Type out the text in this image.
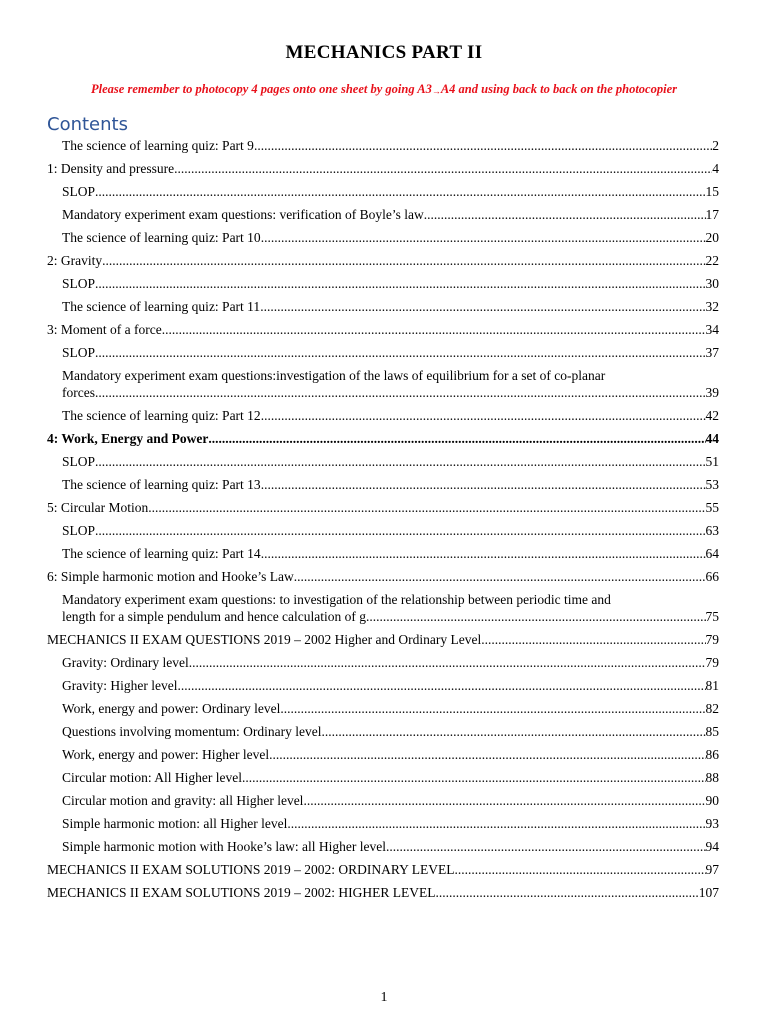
MECHANICS PART II
Please remember to photocopy 4 pages onto one sheet by going A3→A4 and using back to back on the photocopier
Contents
The science of learning quiz: Part 9 .....	2
1: Density and pressure .....	4
SLOP .....	15
Mandatory experiment exam questions: verification of Boyle’s law .....	17
The science of learning quiz: Part 10 .....	20
2: Gravity .....	22
SLOP .....	30
The science of learning quiz: Part 11 .....	32
3: Moment of a force .....	34
SLOP .....	37
Mandatory experiment exam questions:investigation of the laws of equilibrium for a set of co-planar
forces .....	39
The science of learning quiz: Part 12 .....	42
4: Work, Energy and Power .....	44
SLOP .....	51
The science of learning quiz: Part 13 .....	53
5: Circular Motion .....	55
SLOP .....	63
The science of learning quiz: Part 14 .....	64
6: Simple harmonic motion and Hooke’s Law .....	66
Mandatory experiment exam questions: to investigation of the relationship between periodic time and
length for a simple pendulum and hence calculation of g. .....	75
MECHANICS II EXAM QUESTIONS 2019 – 2002 Higher and Ordinary Level .....	79
Gravity: Ordinary level .....	79
Gravity: Higher level .....	81
Work, energy and power: Ordinary level .....	82
Questions involving momentum: Ordinary level .....	85
Work, energy and power: Higher level .....	86
Circular motion: All Higher level .....	88
Circular motion and gravity: all Higher level .....	90
Simple harmonic motion: all Higher level .....	93
Simple harmonic motion with Hooke’s law: all Higher level .....	94
MECHANICS II EXAM SOLUTIONS 2019 – 2002: ORDINARY LEVEL .....	97
MECHANICS II EXAM SOLUTIONS 2019 – 2002: HIGHER LEVEL .....	107
1
